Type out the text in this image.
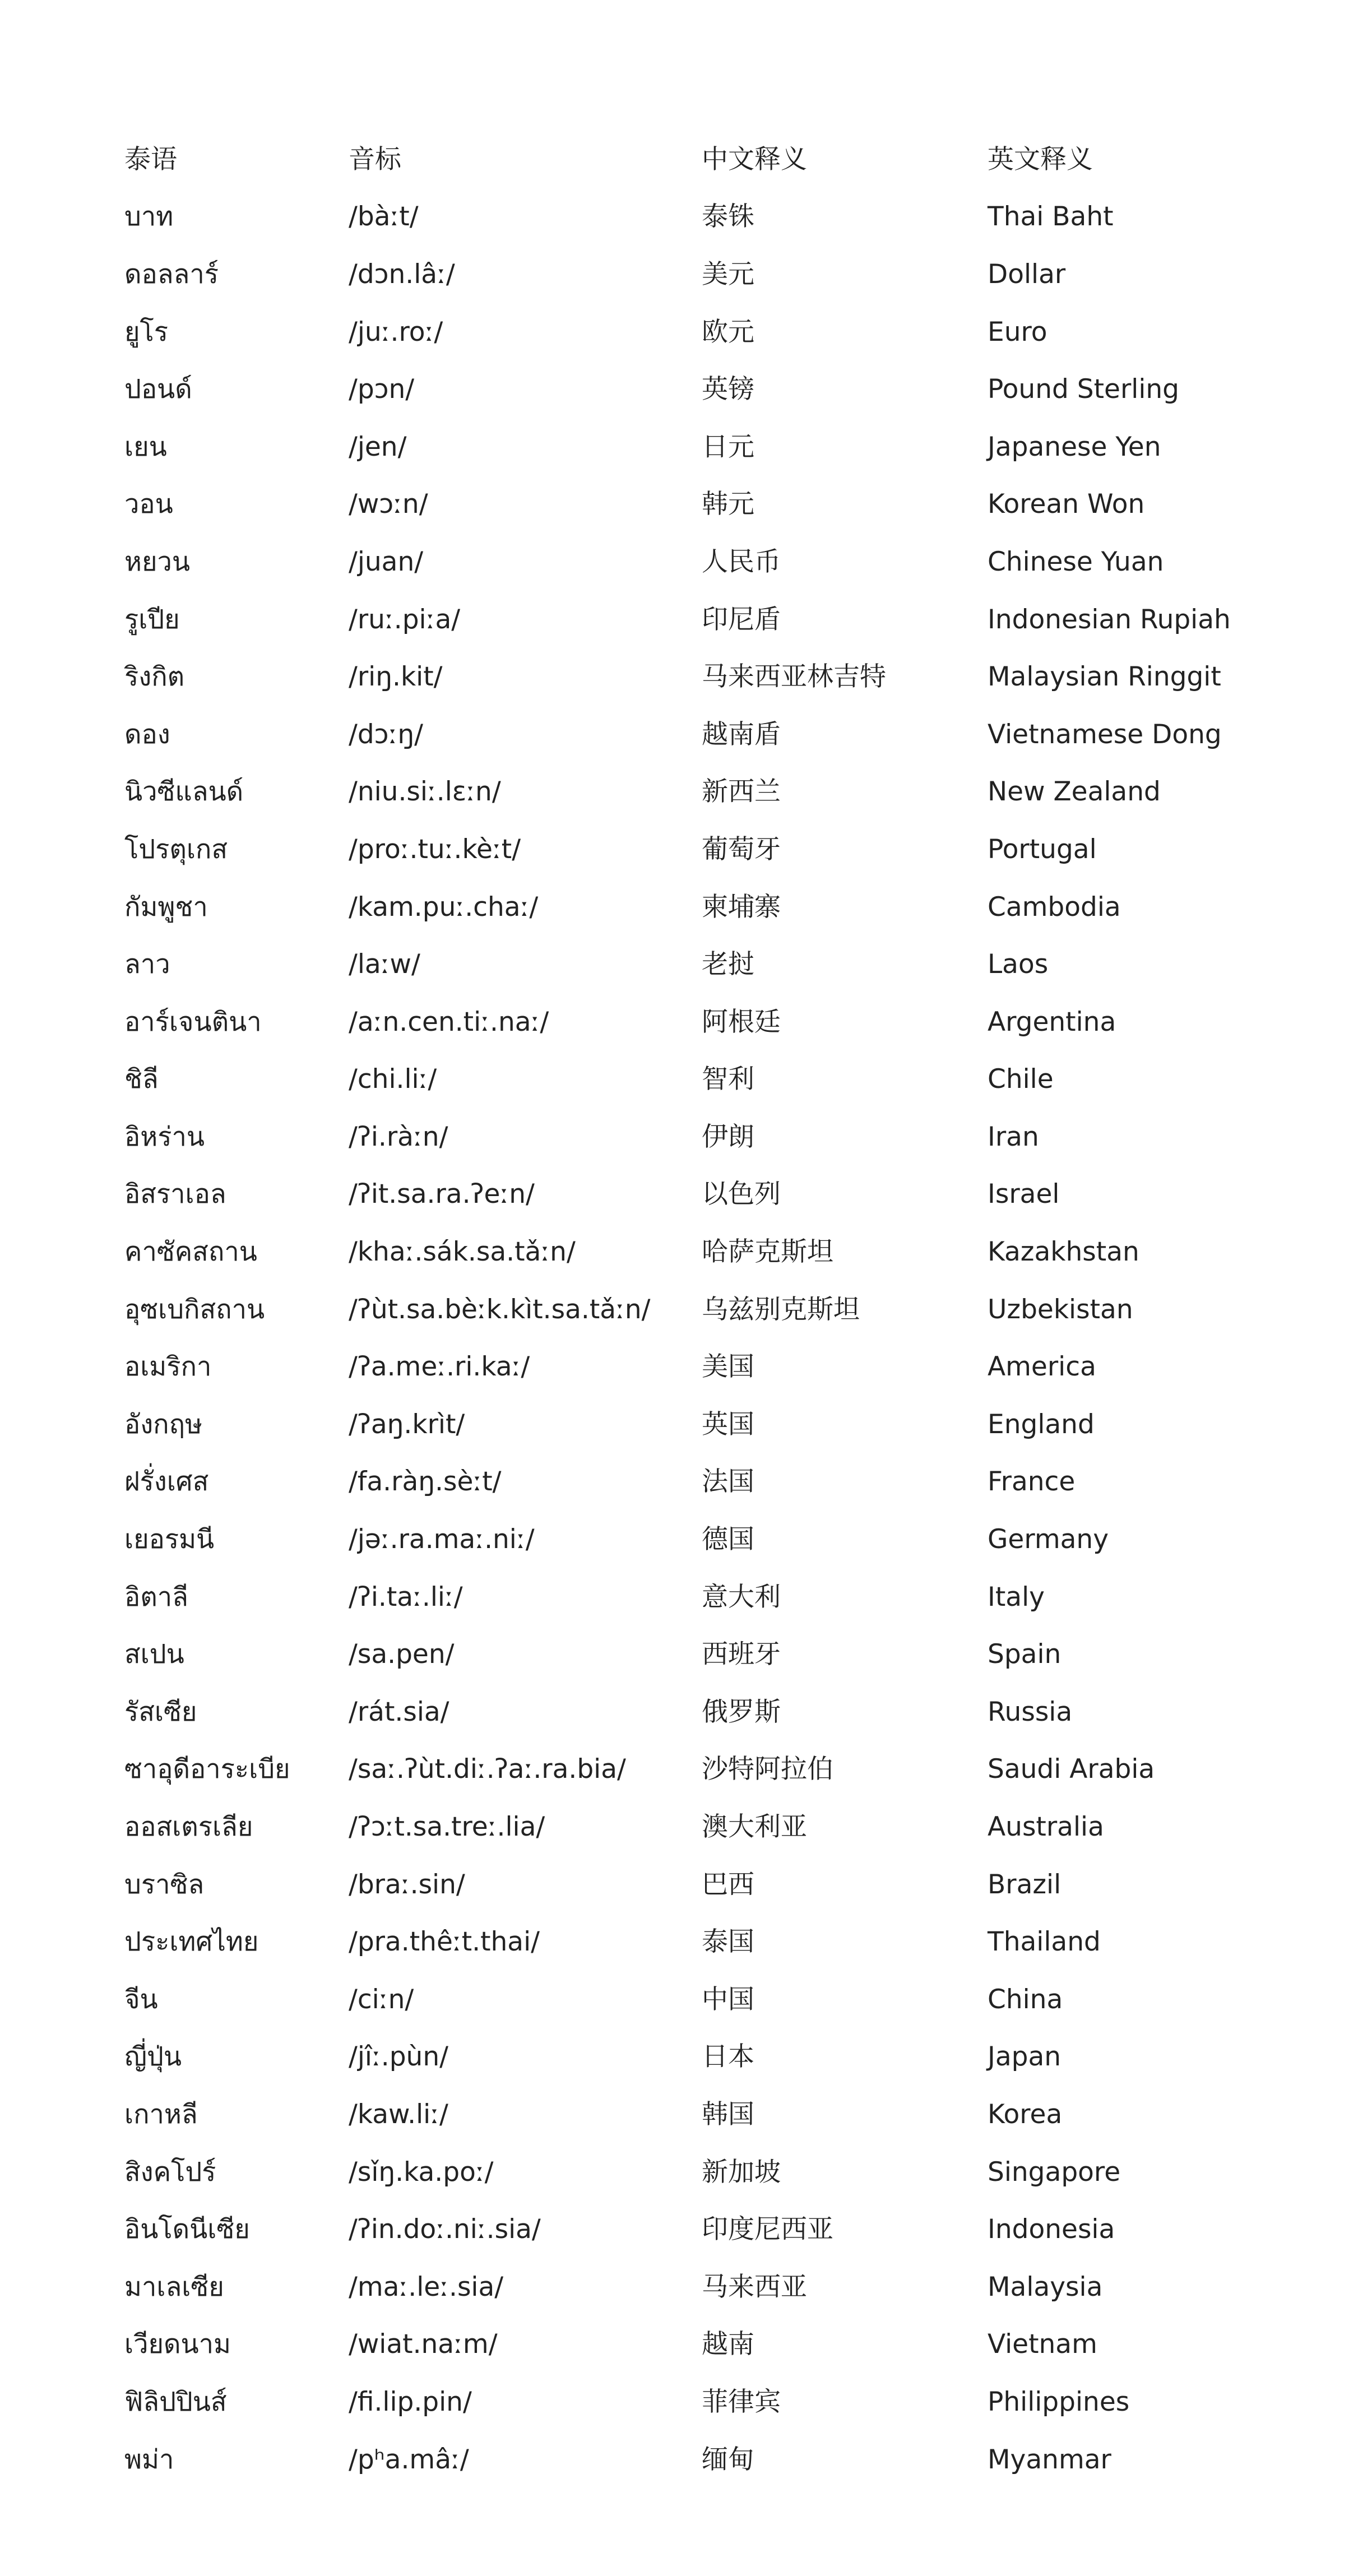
泰语	音标	中文释义	英文释义
บาท	/bàːt/	泰铢	Thai Baht
ดอลลาร์	/dɔn.lâː/	美元	Dollar
ยูโร	/juː.roː/	欧元	Euro
ปอนด์	/pɔn/	英镑	Pound Sterling
เยน	/jen/	日元	Japanese Yen
วอน	/wɔːn/	韩元	Korean Won
หยวน	/juan/	人民币	Chinese Yuan
รูเปีย	/ruː.piːa/	印尼盾	Indonesian Rupiah
ริงกิต	/riŋ.kit/	马来西亚林吉特	Malaysian Ringgit
ดอง	/dɔːŋ/	越南盾	Vietnamese Dong
นิวซีแลนด์	/niu.siː.lɛːn/	新西兰	New Zealand
โปรตุเกส	/proː.tuː.kèːt/	葡萄牙	Portugal
กัมพูชา	/kam.puː.chaː/	柬埔寨	Cambodia
ลาว	/laːw/	老挝	Laos
อาร์เจนตินา	/aːn.cen.tiː.naː/	阿根廷	Argentina
ชิลี	/chi.liː/	智利	Chile
อิหร่าน	/ʔi.ràːn/	伊朗	Iran
อิสราเอล	/ʔit.sa.ra.ʔeːn/	以色列	Israel
คาซัคสถาน	/khaː.sák.sa.tǎːn/	哈萨克斯坦	Kazakhstan
อุซเบกิสถาน	/ʔùt.sa.bèːk.kìt.sa.tǎːn/	乌兹别克斯坦	Uzbekistan
อเมริกา	/ʔa.meː.ri.kaː/	美国	America
อังกฤษ	/ʔaŋ.krìt/	英国	England
ฝรั่งเศส	/fa.ràŋ.sèːt/	法国	France
เยอรมนี	/jəː.ra.maː.niː/	德国	Germany
อิตาลี	/ʔi.taː.liː/	意大利	Italy
สเปน	/sa.pen/	西班牙	Spain
รัสเซีย	/rát.sia/	俄罗斯	Russia
ซาอุดีอาระเบีย	/saː.ʔùt.diː.ʔaː.ra.bia/	沙特阿拉伯	Saudi Arabia
ออสเตรเลีย	/ʔɔːt.sa.treː.lia/	澳大利亚	Australia
บราซิล	/braː.sin/	巴西	Brazil
ประเทศไทย	/pra.thêːt.thai/	泰国	Thailand
จีน	/ciːn/	中国	China
ญี่ปุ่น	/jîː.pùn/	日本	Japan
เกาหลี	/kaw.liː/	韩国	Korea
สิงคโปร์	/sǐŋ.ka.poː/	新加坡	Singapore
อินโดนีเซีย	/ʔin.doː.niː.sia/	印度尼西亚	Indonesia
มาเลเซีย	/maː.leː.sia/	马来西亚	Malaysia
เวียดนาม	/wiat.naːm/	越南	Vietnam
ฟิลิปปินส์	/fi.lip.pin/	菲律宾	Philippines
พม่า	/pʰa.mâː/	缅甸	Myanmar
